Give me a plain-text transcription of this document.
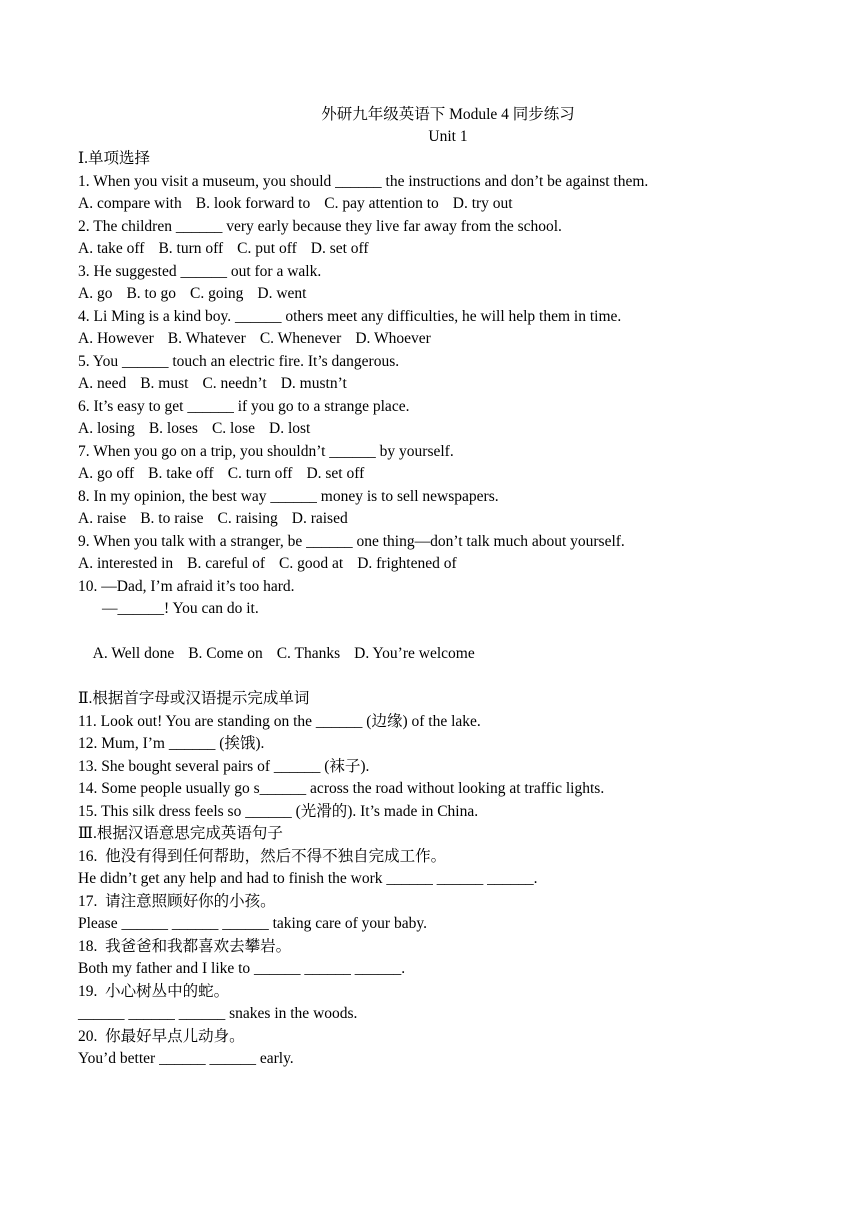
外研九年级英语下 Module 4 同步练习
Unit 1
Ⅰ.单项选择
1. When you visit a museum, you should ______ the instructions and don’t be against them.
A. compare with B. look forward to C. pay attention to D. try out
2. The children ______ very early because they live far away from the school.
A. take off B. turn off C. put off D. set off
3. He suggested ______ out for a walk.
A. go B. to go C. going D. went
4. Li Ming is a kind boy. ______ others meet any difficulties, he will help them in time.
A. However B. Whatever C. Whenever D. Whoever
5. You ______ touch an electric fire. It’s dangerous.
A. need B. must C. needn’t D. mustn’t
6. It’s easy to get ______ if you go to a strange place.
A. losing B. loses C. lose D. lost
7. When you go on a trip, you shouldn’t ______ by yourself.
A. go off B. take off C. turn off D. set off
8. In my opinion, the best way ______ money is to sell newspapers.
A. raise B. to raise C. raising D. raised
9. When you talk with a stranger, be ______ one thing—don’t talk much about yourself.
A. interested in B. careful of C. good at D. frightened of
10. —Dad, I’m afraid it’s too hard.
—______! You can do it.

A. Well done B. Come on C. Thanks D. You’re welcome

Ⅱ.根据首字母或汉语提示完成单词
11. Look out! You are standing on the ______ (边缘) of the lake.
12. Mum, I’m ______ (挨饿).
13. She bought several pairs of ______ (袜子).
14. Some people usually go s______ across the road without looking at traffic lights.
15. This silk dress feels so ______ (光滑的). It’s made in China.
Ⅲ.根据汉语意思完成英语句子
16.  他没有得到任何帮助，然后不得不独自完成工作。
He didn’t get any help and had to finish the work ______ ______ ______.
17.  请注意照顾好你的小孩。
Please ______ ______ ______ taking care of your baby.
18.  我爸爸和我都喜欢去攀岩。
Both my father and I like to ______ ______ ______.
19.  小心树丛中的蛇。
______ ______ ______ snakes in the woods.
20.  你最好早点儿动身。
You’d better ______ ______ early.
